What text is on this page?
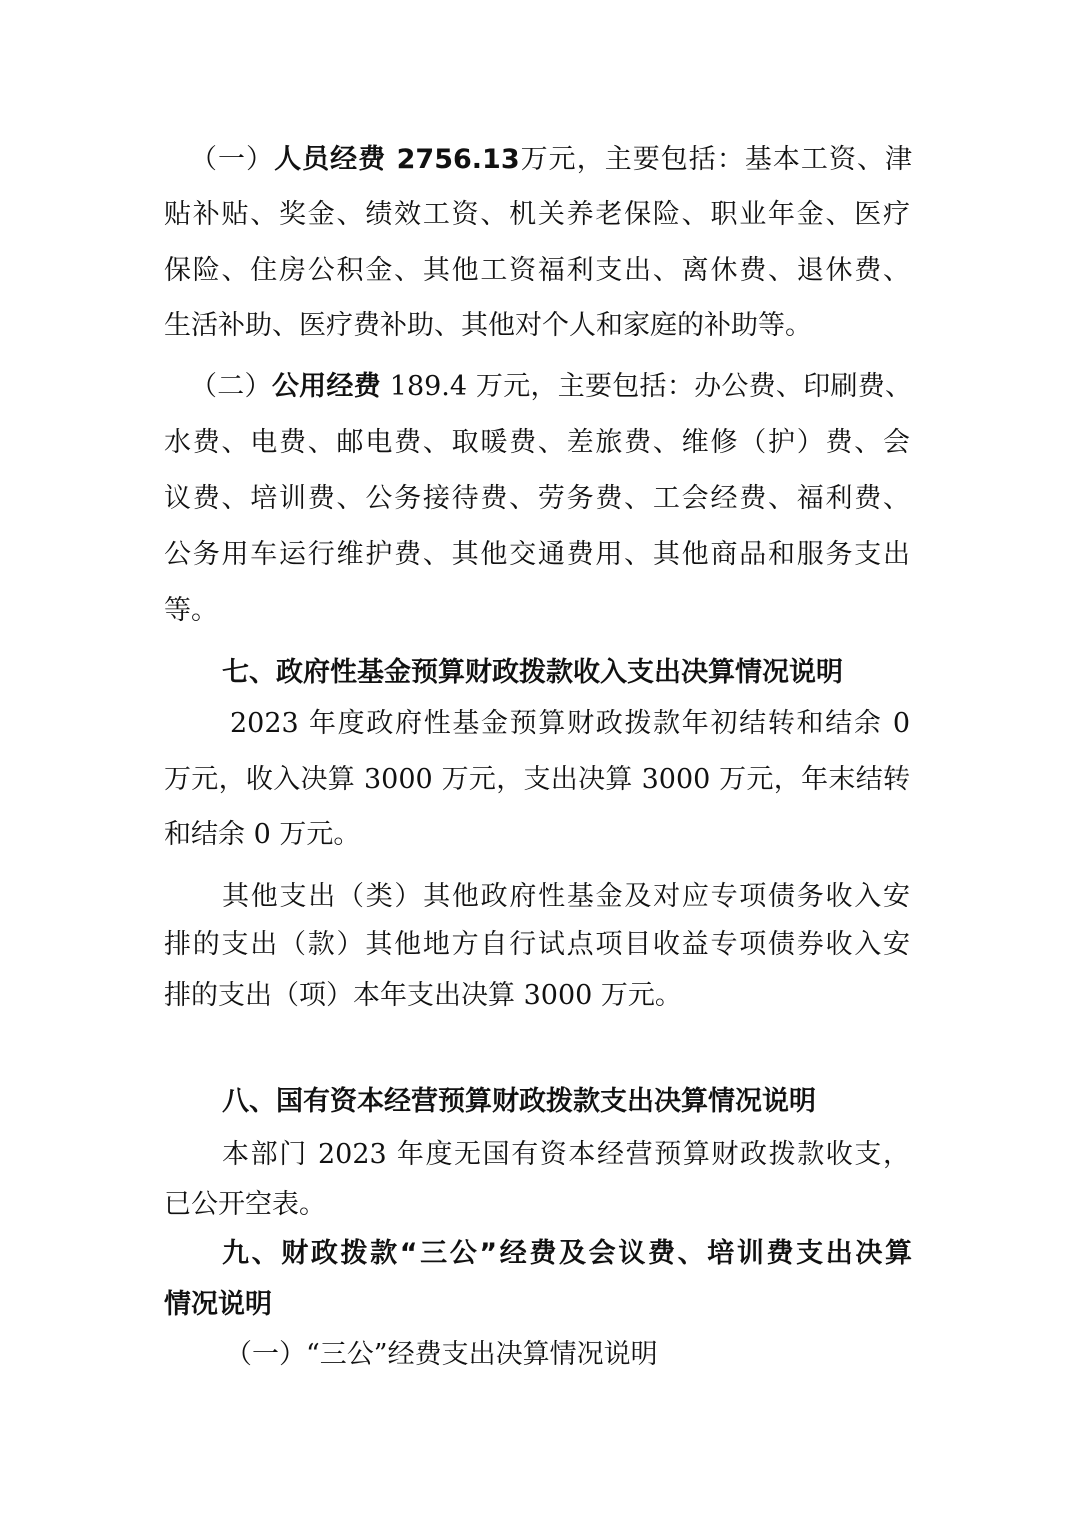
（一）人员经费 2756.13万元，主要包括：基本工资、津
贴补贴、奖金、绩效工资、机关养老保险、职业年金、医疗
保险、住房公积金、其他工资福利支出、离休费、退休费、
生活补助、医疗费补助、其他对个人和家庭的补助等。
（二）公用经费 189.4 万元，主要包括：办公费、印刷费、
水费、电费、邮电费、取暖费、差旅费、维修（护）费、会
议费、培训费、公务接待费、劳务费、工会经费、福利费、
公务用车运行维护费、其他交通费用、其他商品和服务支出
等。
七、政府性基金预算财政拨款收入支出决算情况说明
2023 年度政府性基金预算财政拨款年初结转和结余 0
万元，收入决算 3000 万元，支出决算 3000 万元，年末结转
和结余 0 万元。
其他支出（类）其他政府性基金及对应专项债务收入安
排的支出（款）其他地方自行试点项目收益专项债券收入安
排的支出（项）本年支出决算 3000 万元。
八、国有资本经营预算财政拨款支出决算情况说明
本部门 2023 年度无国有资本经营预算财政拨款收支，
已公开空表。
九、财政拨款“三公”经费及会议费、培训费支出决算
情况说明
（一）“三公”经费支出决算情况说明
